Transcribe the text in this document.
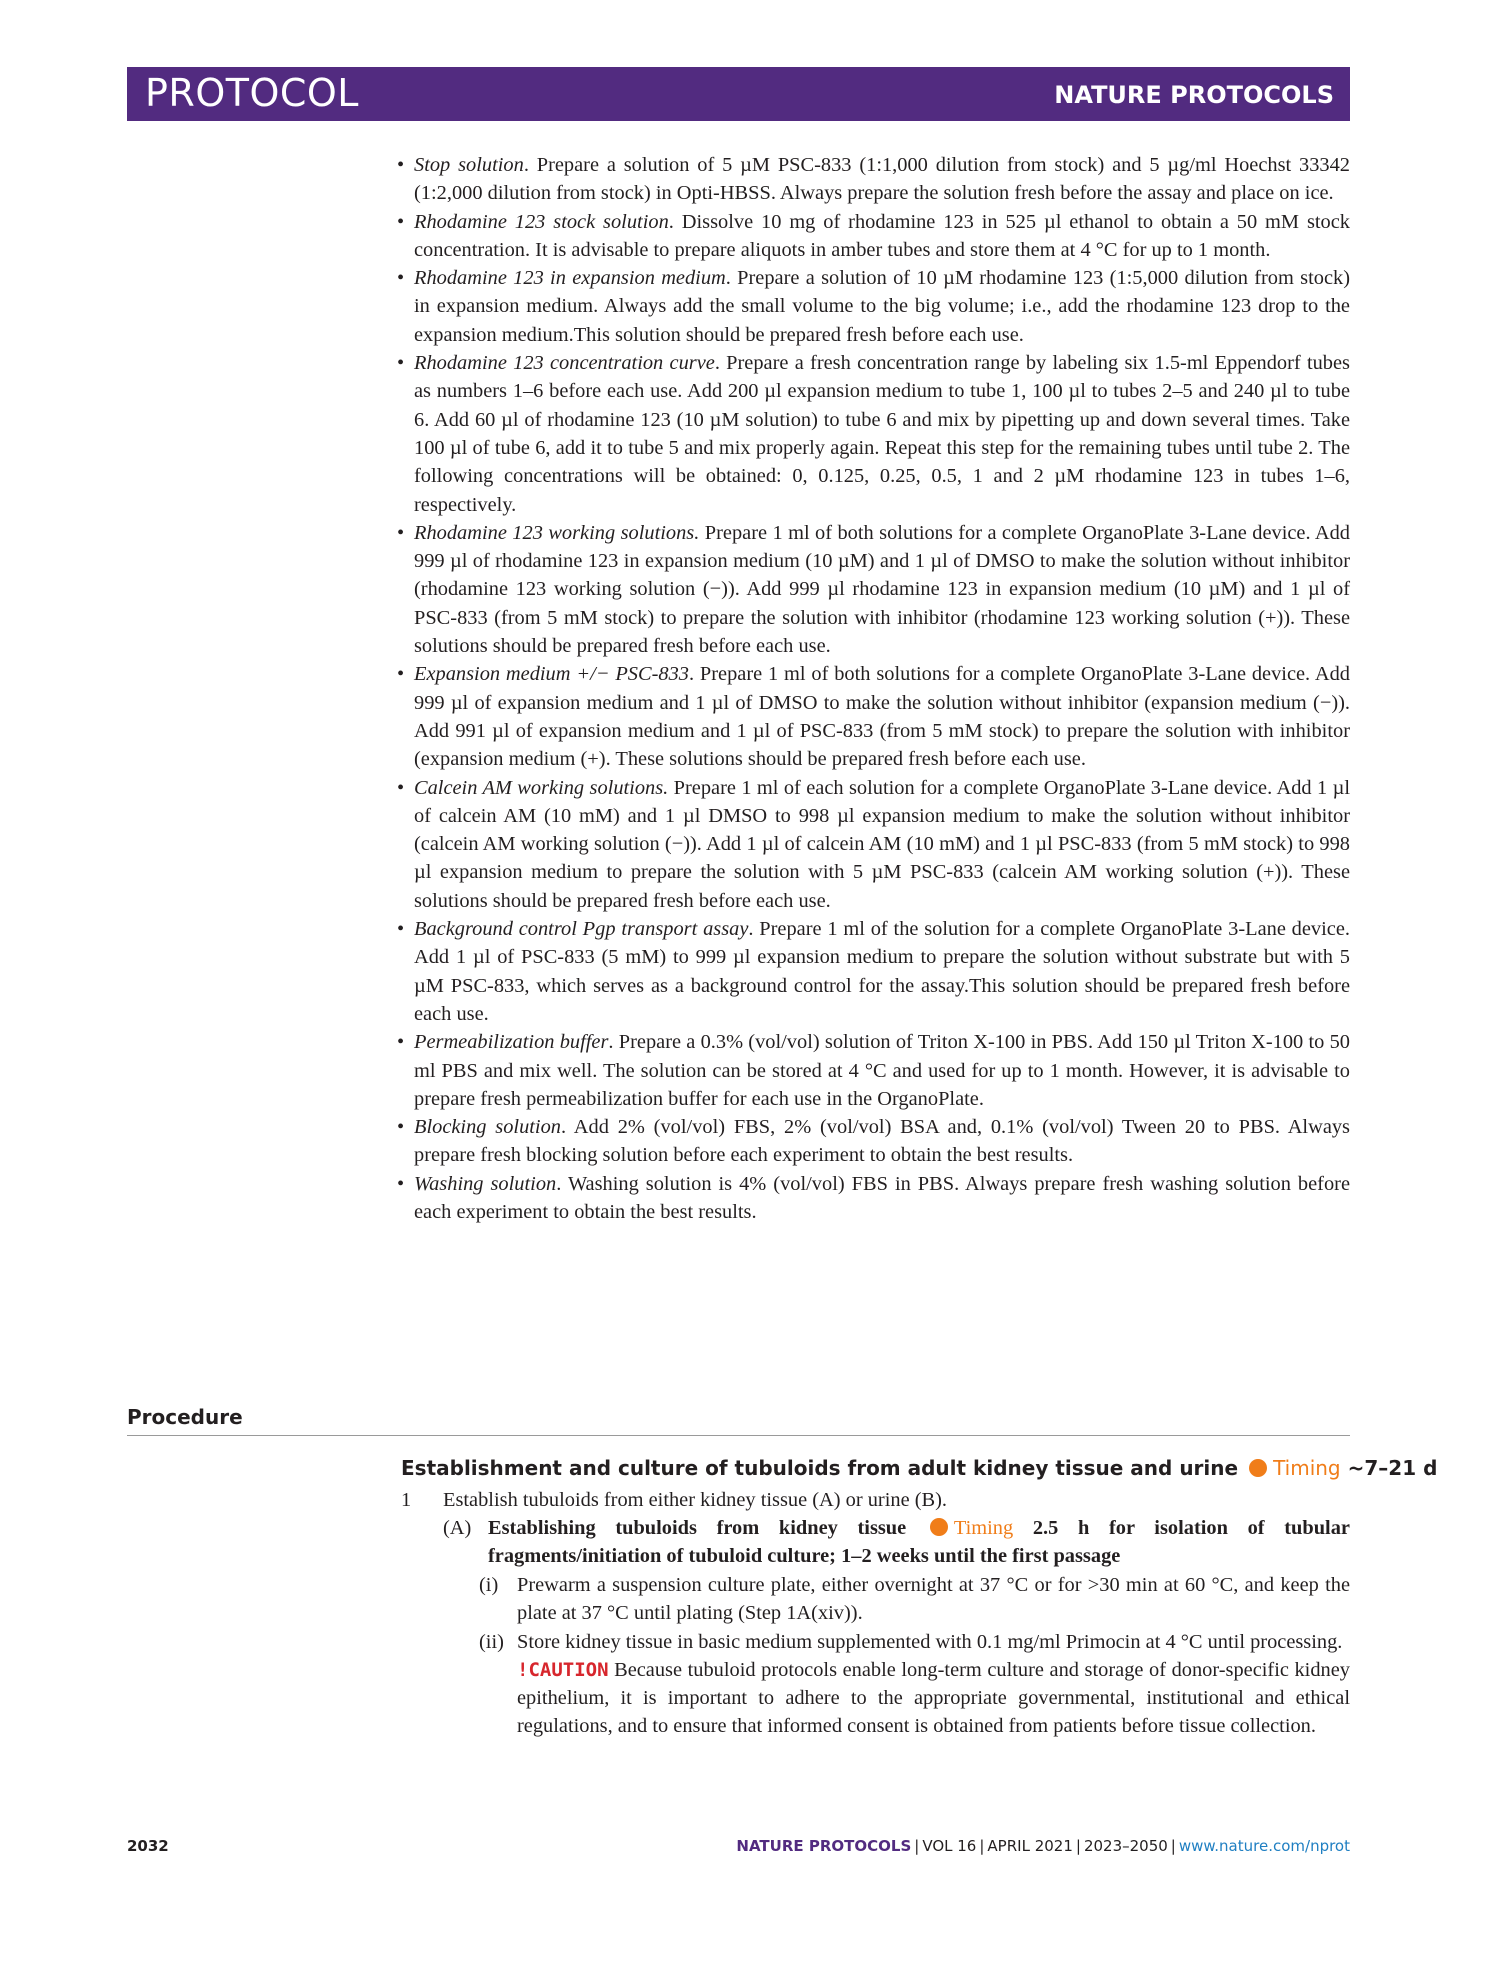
PROTOCOL	NATURE PROTOCOLS
• Stop solution. Prepare a solution of 5 µM PSC-833 (1:1,000 dilution from stock) and 5 µg/ml Hoechst 33342 (1:2,000 dilution from stock) in Opti-HBSS. Always prepare the solution fresh before the assay and place on ice.
• Rhodamine 123 stock solution. Dissolve 10 mg of rhodamine 123 in 525 µl ethanol to obtain a 50 mM stock concentration. It is advisable to prepare aliquots in amber tubes and store them at 4 °C for up to 1 month.
• Rhodamine 123 in expansion medium. Prepare a solution of 10 µM rhodamine 123 (1:5,000 dilution from stock) in expansion medium. Always add the small volume to the big volume; i.e., add the rhodamine 123 drop to the expansion medium.This solution should be prepared fresh before each use.
• Rhodamine 123 concentration curve. Prepare a fresh concentration range by labeling six 1.5-ml Eppendorf tubes as numbers 1–6 before each use. Add 200 µl expansion medium to tube 1, 100 µl to tubes 2–5 and 240 µl to tube 6. Add 60 µl of rhodamine 123 (10 µM solution) to tube 6 and mix by pipetting up and down several times. Take 100 µl of tube 6, add it to tube 5 and mix properly again. Repeat this step for the remaining tubes until tube 2. The following concentrations will be obtained: 0, 0.125, 0.25, 0.5, 1 and 2 µM rhodamine 123 in tubes 1–6, respectively.
• Rhodamine 123 working solutions. Prepare 1 ml of both solutions for a complete OrganoPlate 3-Lane device. Add 999 µl of rhodamine 123 in expansion medium (10 µM) and 1 µl of DMSO to make the solution without inhibitor (rhodamine 123 working solution (−)). Add 999 µl rhodamine 123 in expansion medium (10 µM) and 1 µl of PSC-833 (from 5 mM stock) to prepare the solution with inhibitor (rhodamine 123 working solution (+)). These solutions should be prepared fresh before each use.
• Expansion medium +/− PSC-833. Prepare 1 ml of both solutions for a complete OrganoPlate 3-Lane device. Add 999 µl of expansion medium and 1 µl of DMSO to make the solution without inhibitor (expansion medium (−)). Add 991 µl of expansion medium and 1 µl of PSC-833 (from 5 mM stock) to prepare the solution with inhibitor (expansion medium (+). These solutions should be prepared fresh before each use.
• Calcein AM working solutions. Prepare 1 ml of each solution for a complete OrganoPlate 3-Lane device. Add 1 µl of calcein AM (10 mM) and 1 µl DMSO to 998 µl expansion medium to make the solution without inhibitor (calcein AM working solution (−)). Add 1 µl of calcein AM (10 mM) and 1 µl PSC-833 (from 5 mM stock) to 998 µl expansion medium to prepare the solution with 5 µM PSC-833 (calcein AM working solution (+)). These solutions should be prepared fresh before each use.
• Background control Pgp transport assay. Prepare 1 ml of the solution for a complete OrganoPlate 3-Lane device. Add 1 µl of PSC-833 (5 mM) to 999 µl expansion medium to prepare the solution without substrate but with 5 µM PSC-833, which serves as a background control for the assay.This solution should be prepared fresh before each use.
• Permeabilization buffer. Prepare a 0.3% (vol/vol) solution of Triton X-100 in PBS. Add 150 µl Triton X-100 to 50 ml PBS and mix well. The solution can be stored at 4 °C and used for up to 1 month. However, it is advisable to prepare fresh permeabilization buffer for each use in the OrganoPlate.
• Blocking solution. Add 2% (vol/vol) FBS, 2% (vol/vol) BSA and, 0.1% (vol/vol) Tween 20 to PBS. Always prepare fresh blocking solution before each experiment to obtain the best results.
• Washing solution. Washing solution is 4% (vol/vol) FBS in PBS. Always prepare fresh washing solution before each experiment to obtain the best results.
Procedure
Establishment and culture of tubuloids from adult kidney tissue and urine Timing ~7–21 d
1 Establish tubuloids from either kidney tissue (A) or urine (B).
(A) Establishing tubuloids from kidney tissue Timing 2.5 h for isolation of tubular fragments/initiation of tubuloid culture; 1–2 weeks until the first passage
(i) Prewarm a suspension culture plate, either overnight at 37 °C or for >30 min at 60 °C, and keep the plate at 37 °C until plating (Step 1A(xiv)).
(ii) Store kidney tissue in basic medium supplemented with 0.1 mg/ml Primocin at 4 °C until processing.
!CAUTION Because tubuloid protocols enable long-term culture and storage of donor-specific kidney epithelium, it is important to adhere to the appropriate governmental, institutional and ethical regulations, and to ensure that informed consent is obtained from patients before tissue collection.
2032	NATURE PROTOCOLS | VOL 16 | APRIL 2021 | 2023–2050 | www.nature.com/nprot
